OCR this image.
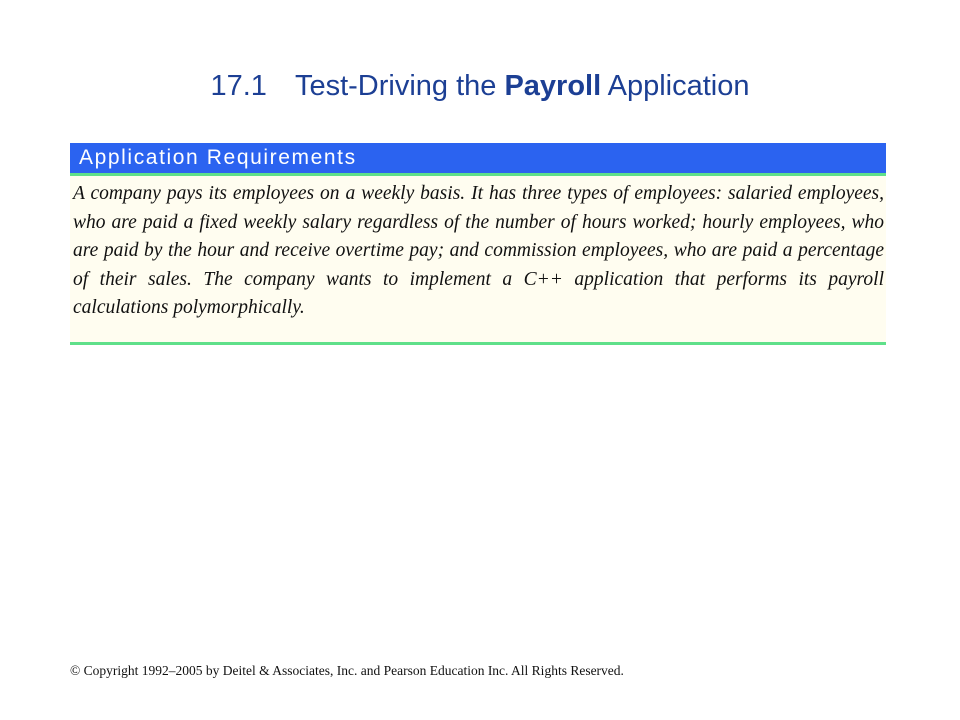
17.1 Test-Driving the Payroll Application
Application Requirements
A company pays its employees on a weekly basis. It has three types of employees: salaried employees, who are paid a fixed weekly salary regardless of the number of hours worked; hourly employees, who are paid by the hour and receive overtime pay; and commission employees, who are paid a percentage of their sales. The company wants to implement a C++ application that performs its payroll calculations polymorphically.
© Copyright 1992–2005 by Deitel & Associates, Inc. and Pearson Education Inc. All Rights Reserved.
